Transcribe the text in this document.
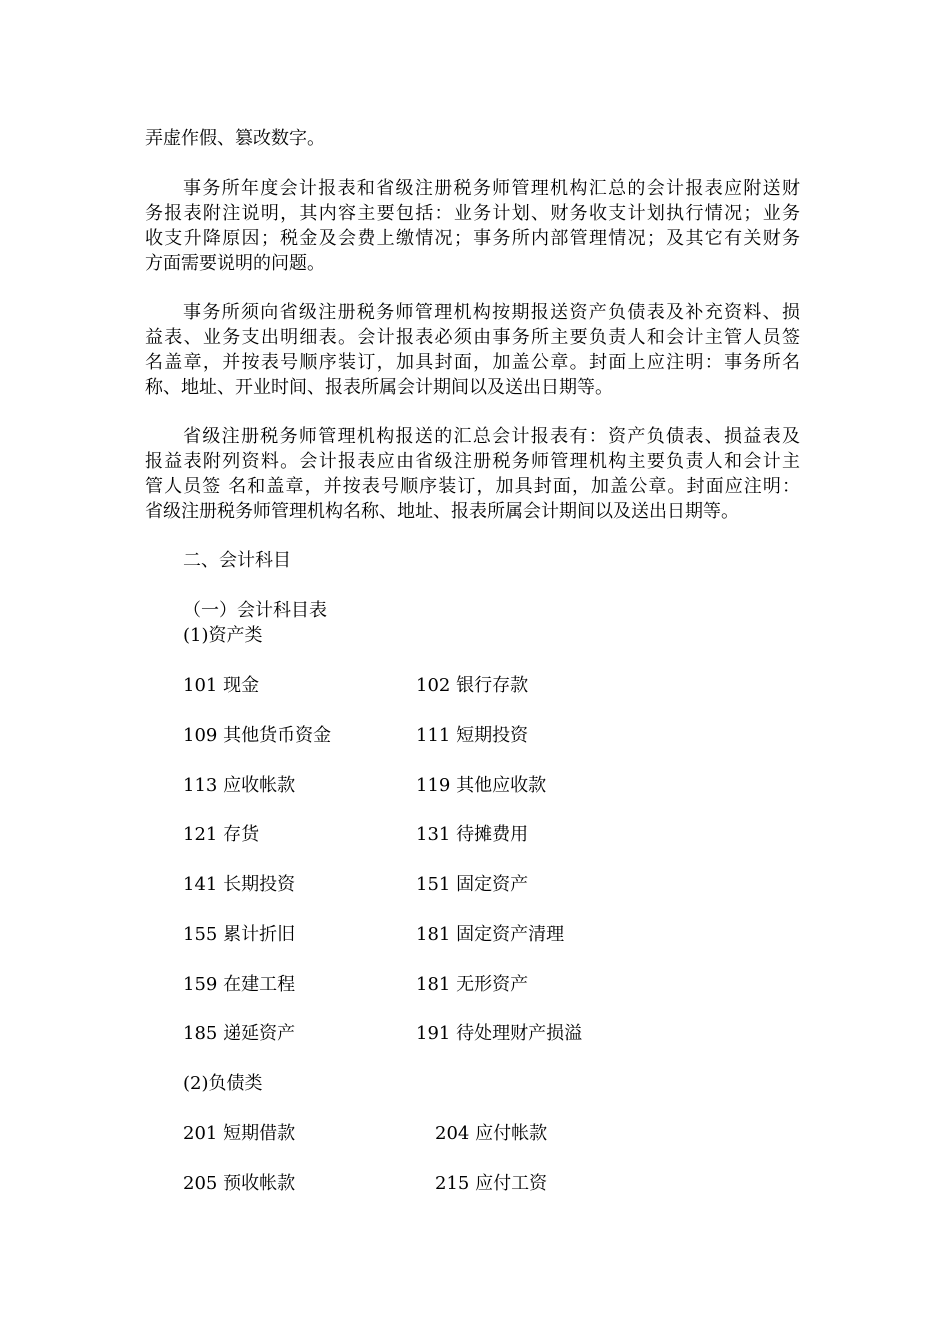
弄虚作假、篡改数字。
事务所年度会计报表和省级注册税务师管理机构汇总的会计报表应附送财
务报表附注说明，其内容主要包括：业务计划、财务收支计划执行情况；业务
收支升降原因；税金及会费上缴情况；事务所内部管理情况；及其它有关财务
方面需要说明的问题。
事务所须向省级注册税务师管理机构按期报送资产负债表及补充资料、损
益表、业务支出明细表。会计报表必须由事务所主要负责人和会计主管人员签
名盖章，并按表号顺序装订，加具封面，加盖公章。封面上应注明：事务所名
称、地址、开业时间、报表所属会计期间以及送出日期等。
省级注册税务师管理机构报送的汇总会计报表有：资产负债表、损益表及
报益表附列资料。会计报表应由省级注册税务师管理机构主要负责人和会计主
管人员签 名和盖章，并按表号顺序装订，加具封面，加盖公章。封面应注明：
省级注册税务师管理机构名称、地址、报表所属会计期间以及送出日期等。

二、会计科目

（一）会计科目表

(1)资产类

101 现金	102 银行存款

109 其他货币资金	111 短期投资

113 应收帐款	119 其他应收款

121 存货	131 待摊费用

141 长期投资	151 固定资产

155 累计折旧	181 固定资产清理

159 在建工程	181 无形资产

185 递延资产	191 待处理财产损溢

(2)负债类

201 短期借款	204 应付帐款

205 预收帐款	215 应付工资
